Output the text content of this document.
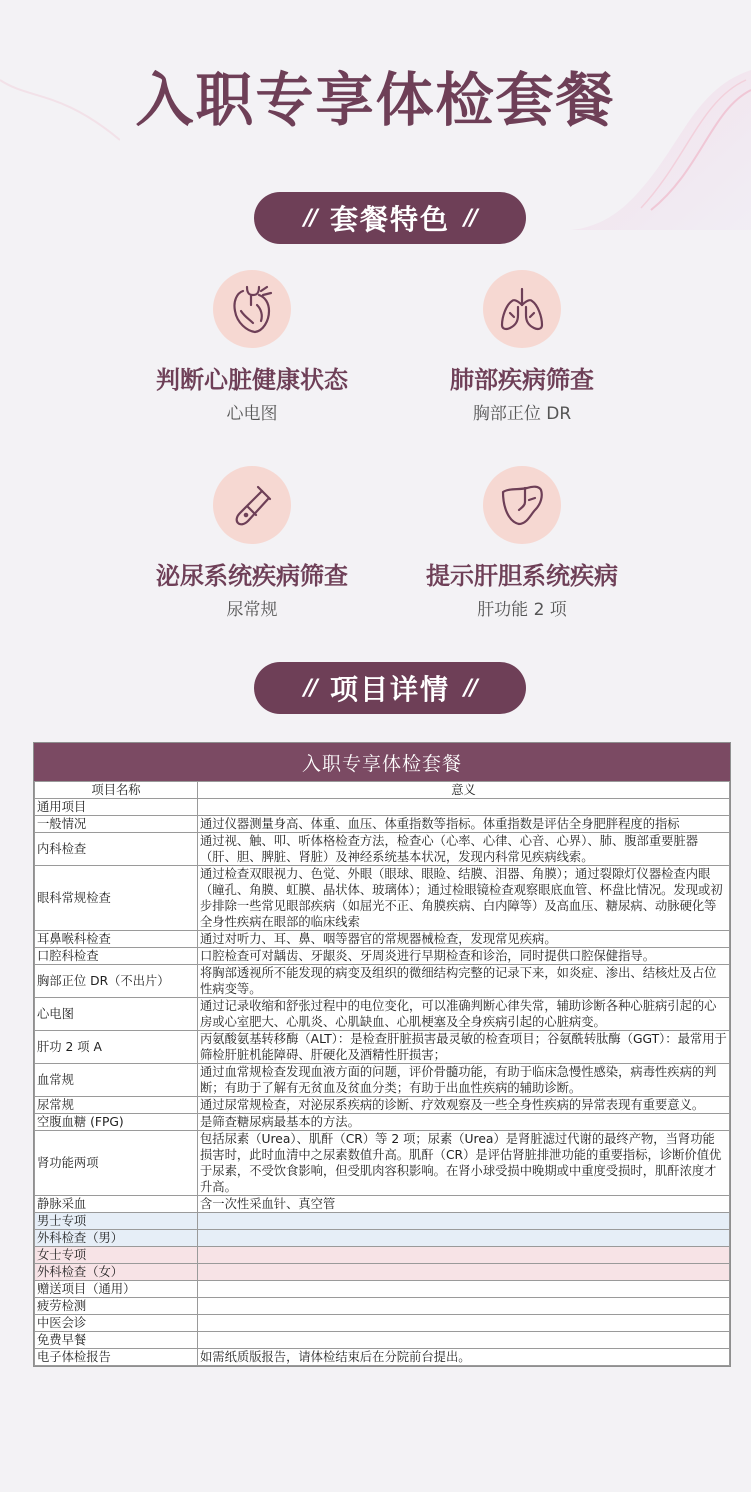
入职专享体检套餐
// 套餐特色 //
判断心脏健康状态
心电图
肺部疾病筛查
胸部正位 DR
泌尿系统疾病筛查
尿常规
提示肝胆系统疾病
肝功能 2 项
// 项目详情 //
入职专享体检套餐
项目名称	意义
通用项目	
一般情况	通过仪器测量身高、体重、血压、体重指数等指标。体重指数是评估全身肥胖程度的指标
内科检查	通过视、触、叩、听体格检查方法，检查心（心率、心律、心音、心界）、肺、腹部重要脏器（肝、胆、脾脏、肾脏）及神经系统基本状况，发现内科常见疾病线索。
眼科常规检查	通过检查双眼视力、色觉、外眼（眼球、眼睑、结膜、泪器、角膜）；通过裂隙灯仪器检查内眼（瞳孔、角膜、虹膜、晶状体、玻璃体）；通过检眼镜检查观察眼底血管、杯盘比情况。发现或初步排除一些常见眼部疾病（如屈光不正、角膜疾病、白内障等）及高血压、糖尿病、动脉硬化等全身性疾病在眼部的临床线索
耳鼻喉科检查	通过对听力、耳、鼻、咽等器官的常规器械检查，发现常见疾病。
口腔科检查	口腔检查可对龋齿、牙龈炎、牙周炎进行早期检查和诊治，同时提供口腔保健指导。
胸部正位 DR（不出片）	将胸部透视所不能发现的病变及组织的微细结构完整的记录下来，如炎症、渗出、结核灶及占位性病变等。
心电图	通过记录收缩和舒张过程中的电位变化，可以准确判断心律失常，辅助诊断各种心脏病引起的心房或心室肥大、心肌炎、心肌缺血、心肌梗塞及全身疾病引起的心脏病变。
肝功 2 项 A	丙氨酸氨基转移酶（ALT）：是检查肝脏损害最灵敏的检查项目；谷氨酰转肽酶（GGT）：最常用于筛检肝脏机能障碍、肝硬化及酒精性肝损害；
血常规	通过血常规检查发现血液方面的问题，评价骨髓功能，有助于临床急慢性感染，病毒性疾病的判断；有助于了解有无贫血及贫血分类；有助于出血性疾病的辅助诊断。
尿常规	通过尿常规检查，对泌尿系疾病的诊断、疗效观察及一些全身性疾病的异常表现有重要意义。
空腹血糖 (FPG)	是筛查糖尿病最基本的方法。
肾功能两项	包括尿素（Urea）、肌酐（CR）等 2 项；尿素（Urea）是肾脏滤过代谢的最终产物，当肾功能损害时，此时血清中之尿素数值升高。肌酐（CR）是评估肾脏排泄功能的重要指标，诊断价值优于尿素，不受饮食影响，但受肌肉容积影响。在肾小球受损中晚期或中重度受损时，肌酐浓度才升高。
静脉采血	含一次性采血针、真空管
男士专项	
外科检查（男）	
女士专项	
外科检查（女）	
赠送项目（通用）	
疲劳检测	
中医会诊	
免费早餐	
电子体检报告	如需纸质版报告，请体检结束后在分院前台提出。
